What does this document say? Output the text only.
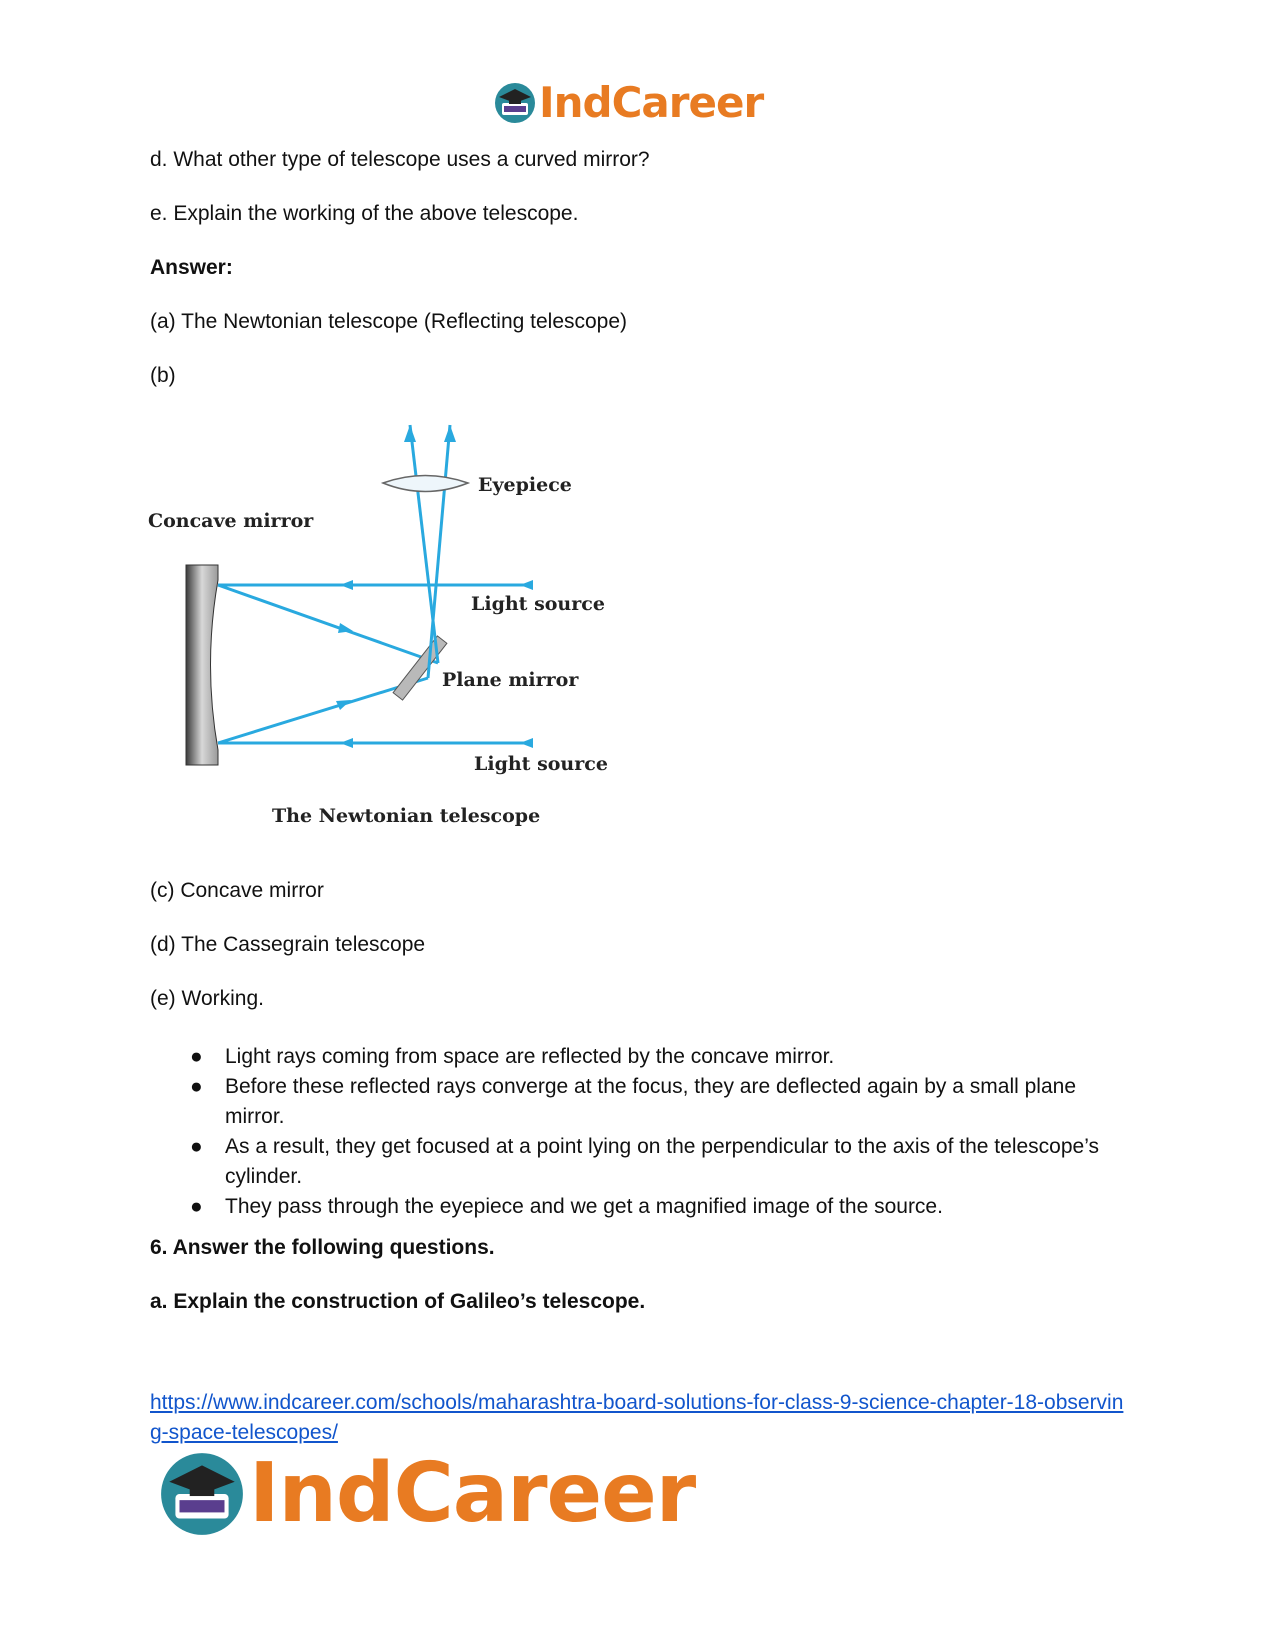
IndCareer
d. What other type of telescope uses a curved mirror?
e. Explain the working of the above telescope.
Answer:
(a) The Newtonian telescope (Reflecting telescope)
(b)
Eyepiece
Concave mirror
Light source
Plane mirror
Light source
The Newtonian telescope
(c) Concave mirror
(d) The Cassegrain telescope
(e) Working.
● Light rays coming from space are reflected by the concave mirror.
● Before these reflected rays converge at the focus, they are deflected again by a small plane mirror.
● As a result, they get focused at a point lying on the perpendicular to the axis of the telescope’s cylinder.
● They pass through the eyepiece and we get a magnified image of the source.
6. Answer the following questions.
a. Explain the construction of Galileo’s telescope.
https://www.indcareer.com/schools/maharashtra-board-solutions-for-class-9-science-chapter-18-observing-space-telescopes/
IndCareer
